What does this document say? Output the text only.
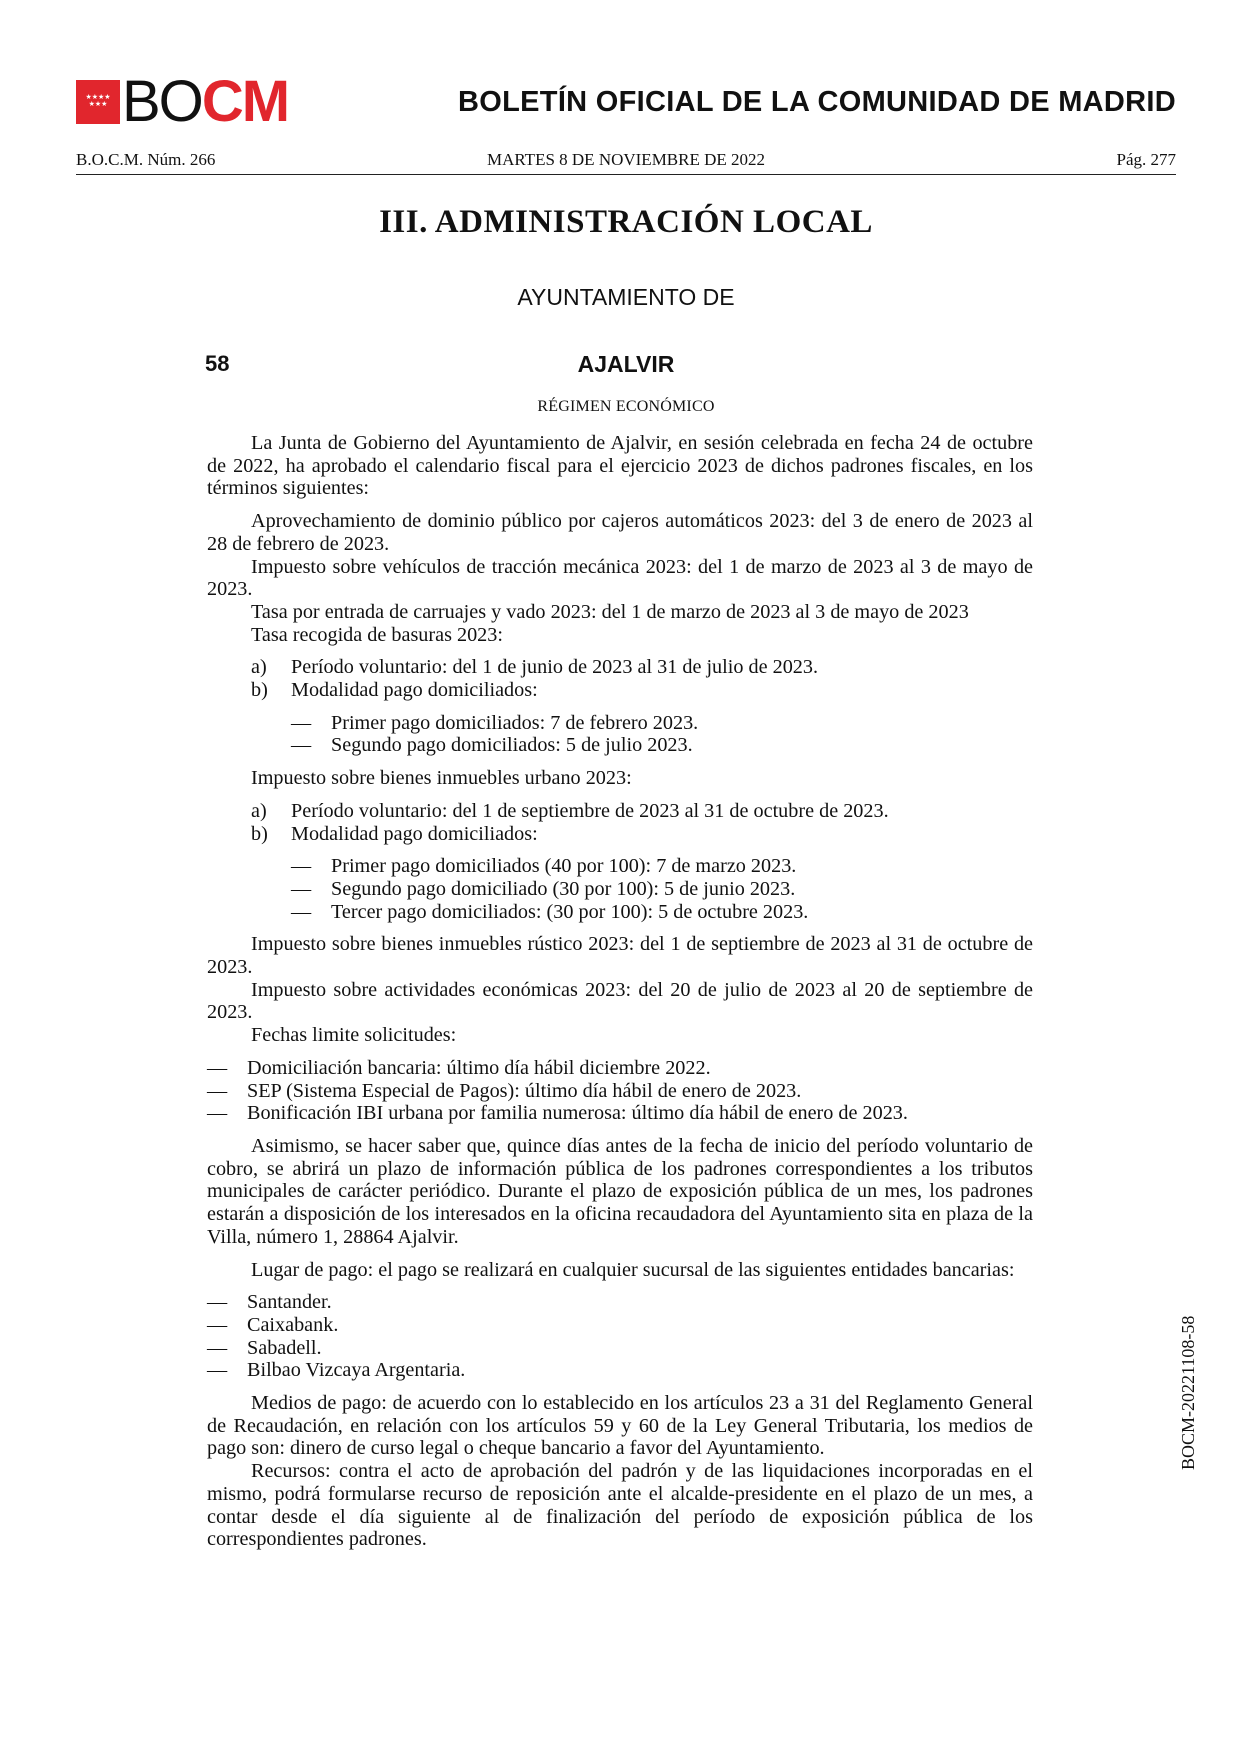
★★★★
★★★ BOCM	BOLETÍN OFICIAL DE LA COMUNIDAD DE MADRID
B.O.C.M. Núm. 266	MARTES 8 DE NOVIEMBRE DE 2022	Pág. 277
III. ADMINISTRACIÓN LOCAL
AYUNTAMIENTO DE
58	AJALVIR
RÉGIMEN ECONÓMICO

La Junta de Gobierno del Ayuntamiento de Ajalvir, en sesión celebrada en fecha 24 de octubre de 2022, ha aprobado el calendario fiscal para el ejercicio 2023 de dichos padrones fiscales, en los términos siguientes:

Aprovechamiento de dominio público por cajeros automáticos 2023: del 3 de enero de 2023 al 28 de febrero de 2023.

Impuesto sobre vehículos de tracción mecánica 2023: del 1 de marzo de 2023 al 3 de mayo de 2023.

Tasa por entrada de carruajes y vado 2023: del 1 de marzo de 2023 al 3 de mayo de 2023

Tasa recogida de basuras 2023:

a)	Período voluntario: del 1 de junio de 2023 al 31 de julio de 2023.
b)	Modalidad pago domiciliados:
— Primer pago domiciliados: 7 de febrero 2023.
— Segundo pago domiciliados: 5 de julio 2023.

Impuesto sobre bienes inmuebles urbano 2023:

a)	Período voluntario: del 1 de septiembre de 2023 al 31 de octubre de 2023.
b)	Modalidad pago domiciliados:
— Primer pago domiciliados (40 por 100): 7 de marzo 2023.
— Segundo pago domiciliado (30 por 100): 5 de junio 2023.
— Tercer pago domiciliados: (30 por 100): 5 de octubre 2023.

Impuesto sobre bienes inmuebles rústico 2023: del 1 de septiembre de 2023 al 31 de octubre de 2023.

Impuesto sobre actividades económicas 2023: del 20 de julio de 2023 al 20 de septiembre de 2023.

Fechas limite solicitudes:

— Domiciliación bancaria: último día hábil diciembre 2022.
— SEP (Sistema Especial de Pagos): último día hábil de enero de 2023.
— Bonificación IBI urbana por familia numerosa: último día hábil de enero de 2023.

Asimismo, se hacer saber que, quince días antes de la fecha de inicio del período voluntario de cobro, se abrirá un plazo de información pública de los padrones correspondientes a los tributos municipales de carácter periódico. Durante el plazo de exposición pública de un mes, los padrones estarán a disposición de los interesados en la oficina recaudadora del Ayuntamiento sita en plaza de la Villa, número 1, 28864 Ajalvir.

Lugar de pago: el pago se realizará en cualquier sucursal de las siguientes entidades bancarias:

— Santander.
— Caixabank.
— Sabadell.
— Bilbao Vizcaya Argentaria.

Medios de pago: de acuerdo con lo establecido en los artículos 23 a 31 del Reglamento General de Recaudación, en relación con los artículos 59 y 60 de la Ley General Tributaria, los medios de pago son: dinero de curso legal o cheque bancario a favor del Ayuntamiento.

Recursos: contra el acto de aprobación del padrón y de las liquidaciones incorporadas en el mismo, podrá formularse recurso de reposición ante el alcalde-presidente en el plazo de un mes, a contar desde el día siguiente al de finalización del período de exposición pública de los correspondientes padrones.

BOCM-20221108-58
